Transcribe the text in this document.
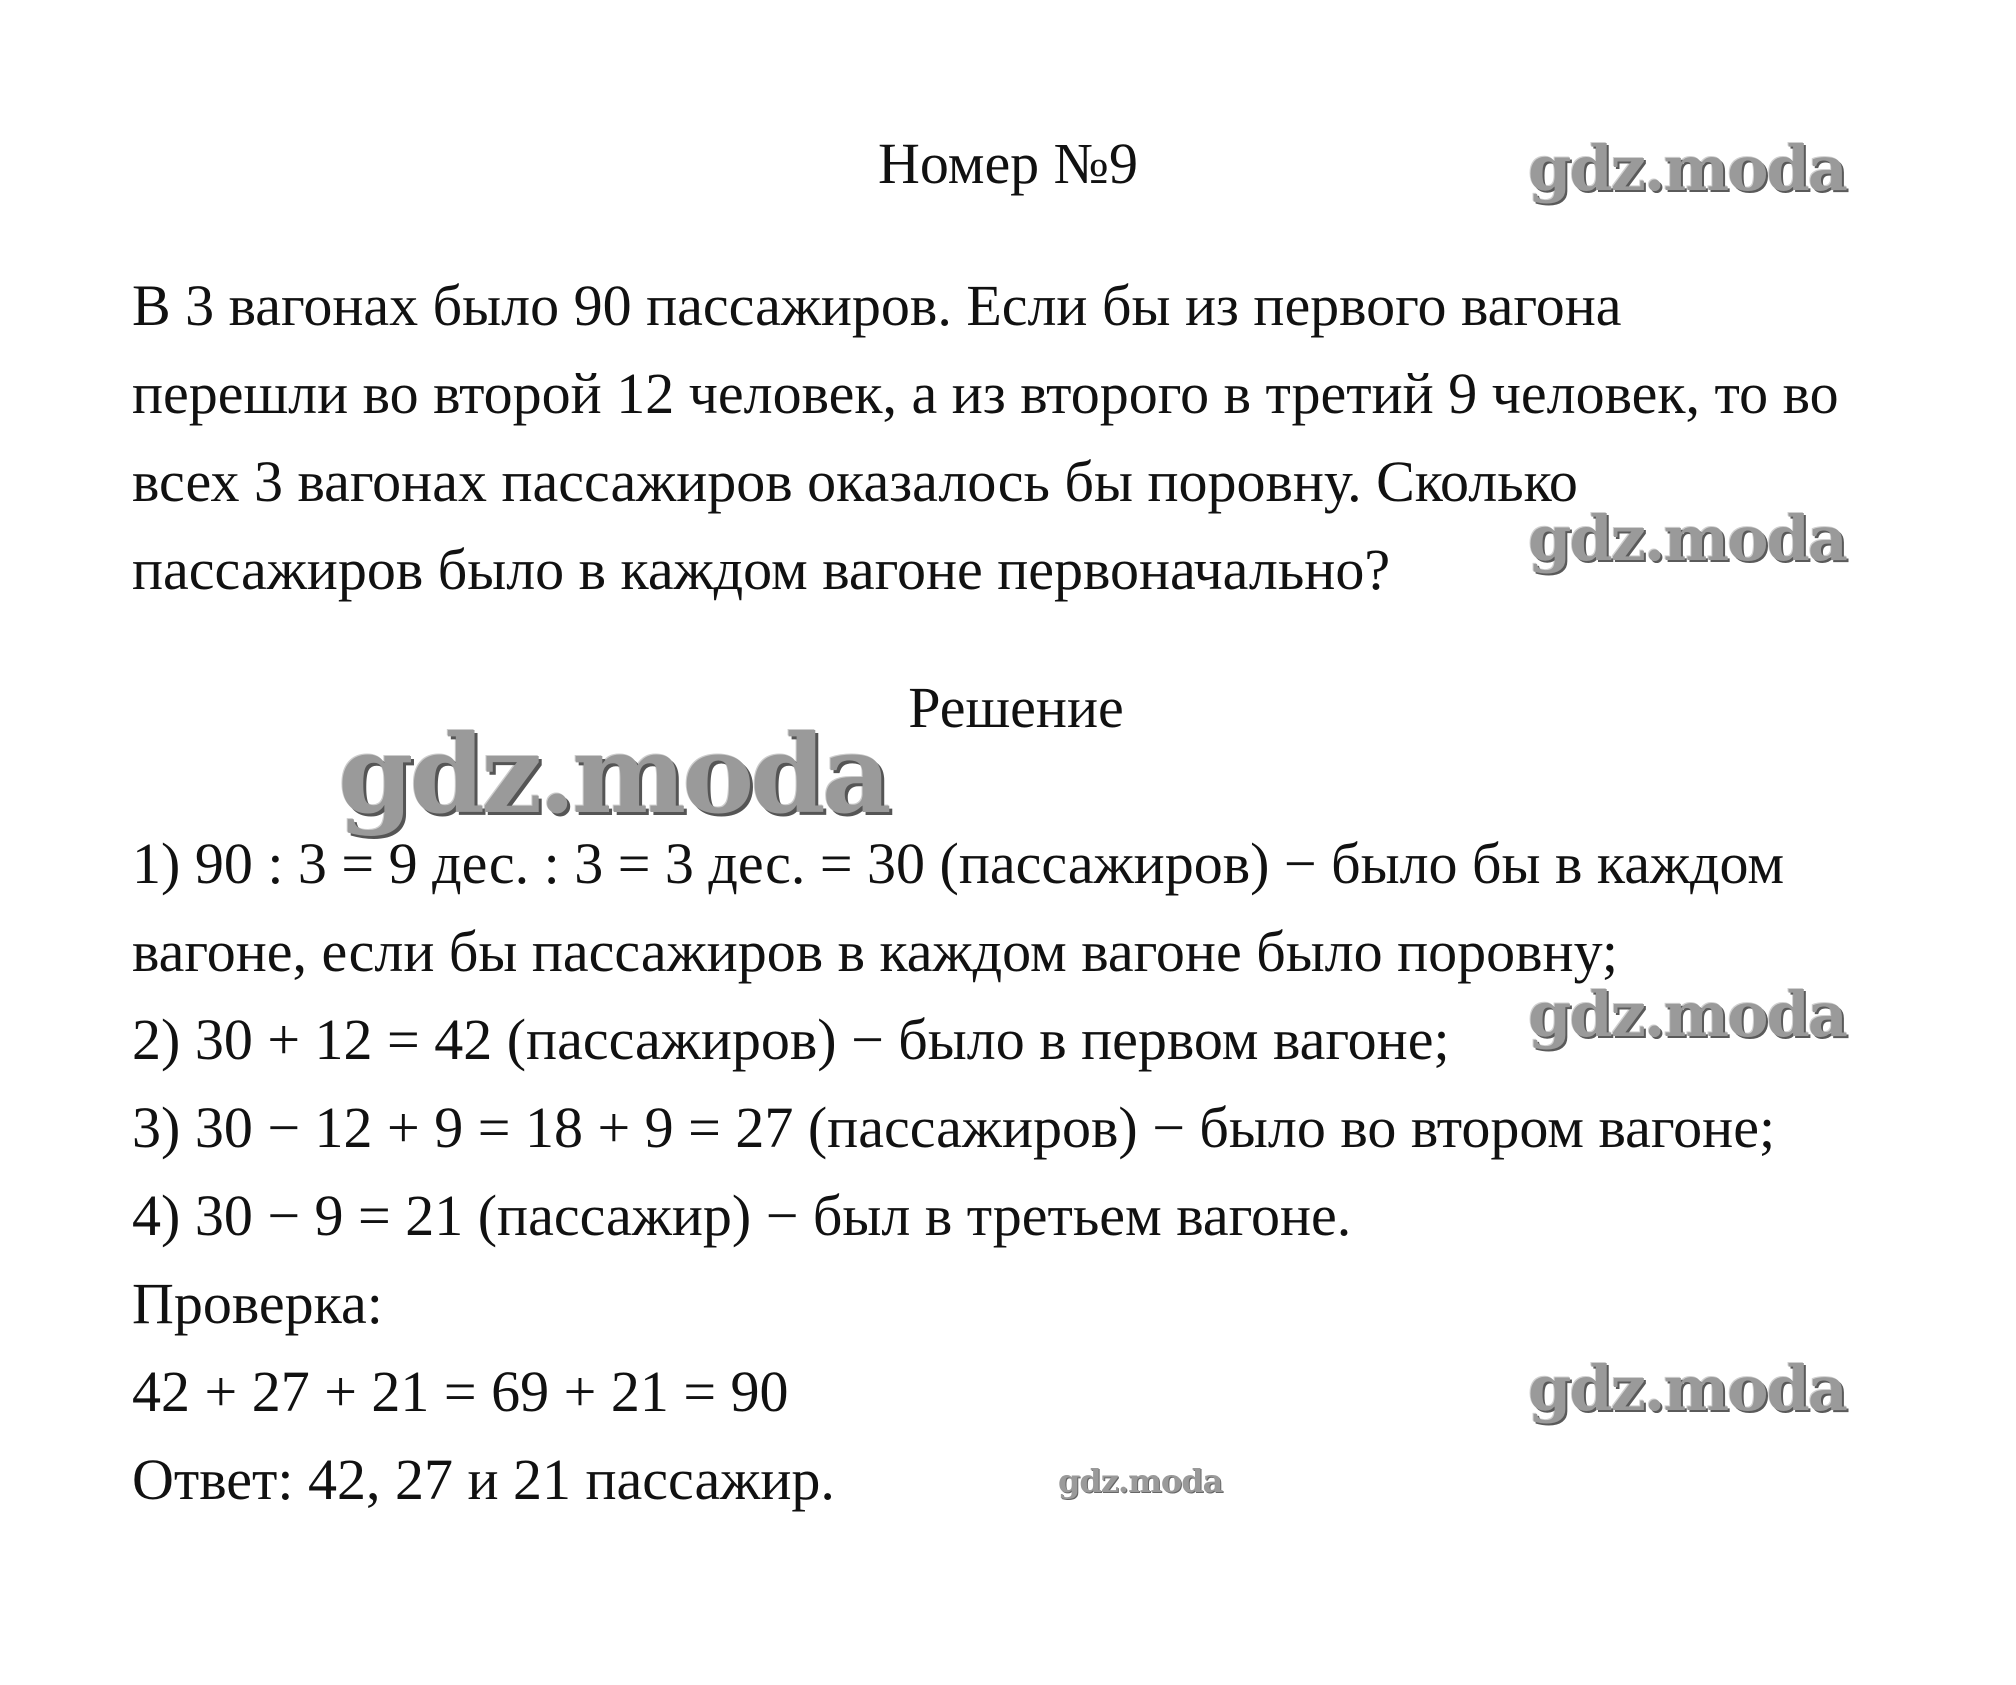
Номер №9
В 3 вагонах было 90 пассажиров. Если бы из первого вагона
перешли во второй 12 человек, а из второго в третий 9 человек, то во
всех 3 вагонах пассажиров оказалось бы поровну. Сколько
пассажиров было в каждом вагоне первоначально?
Решение
1) 90 : 3 = 9 дес. : 3 = 3 дес. = 30 (пассажиров) − было бы в каждом
вагоне, если бы пассажиров в каждом вагоне было поровну;
2) 30 + 12 = 42 (пассажиров) − было в первом вагоне;
3) 30 − 12 + 9 = 18 + 9 = 27 (пассажиров) − было во втором вагоне;
4) 30 − 9 = 21 (пассажир) − был в третьем вагоне.
Проверка:
42 + 27 + 21 = 69 + 21 = 90
Ответ: 42, 27 и 21 пассажир.
gdz.moda
gdz.moda
gdz.moda
gdz.moda
gdz.moda
gdz.moda
